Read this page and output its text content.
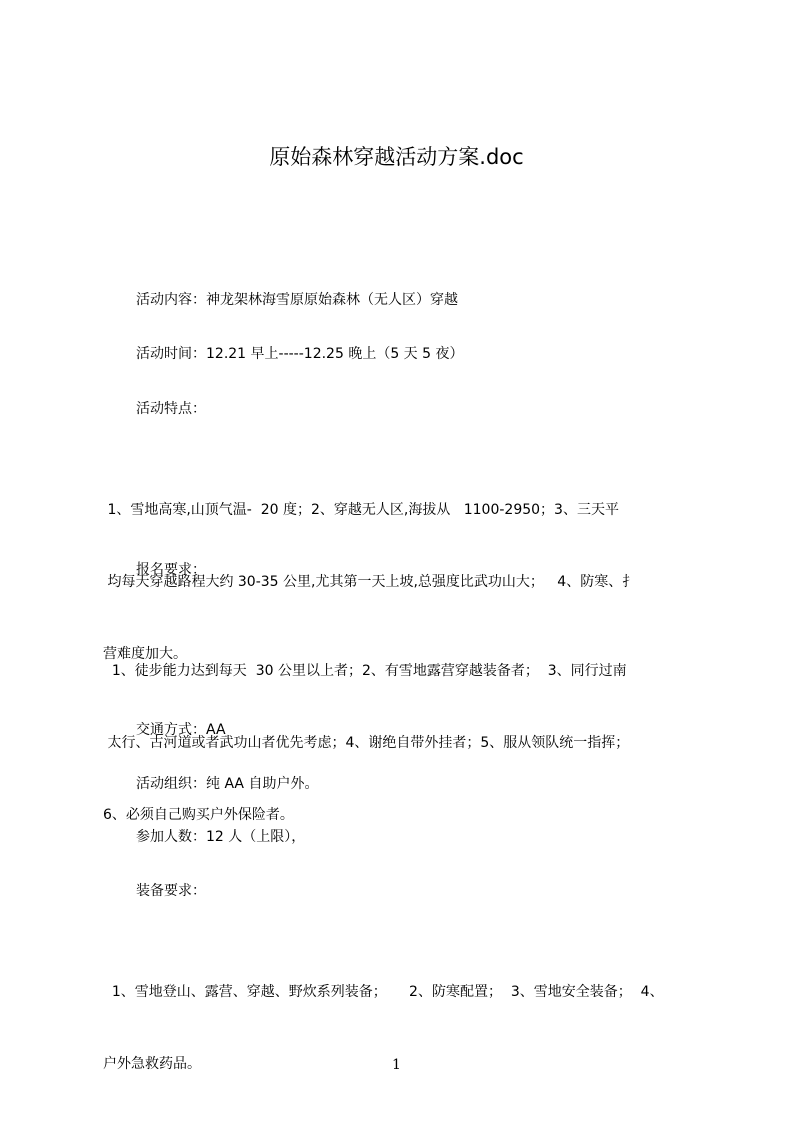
原始森林穿越活动方案.doc

活动内容：神龙架林海雪原原始森林（无人区）穿越

活动时间：12.21 早上-----12.25 晚上（5 天 5 夜）

活动特点：

1、雪地高寒,山顶气温-  20 度；2、穿越无人区,海拔从   1100-2950；3、三天平

均每天穿越路程大约 30-35 公里,尤其第一天上坡,总强度比武功山大；   4、防寒、扌

营难度加大。

报名要求：

1、徒步能力达到每天  30 公里以上者；2、有雪地露营穿越装备者；  3、同行过南

太行、古河道或者武功山者优先考虑；4、谢绝自带外挂者；5、服从领队统一指挥；

6、必须自己购买户外保险者。

交通方式：AA

活动组织：纯 AA 自助户外。

参加人数：12 人（上限），

装备要求：

1、雪地登山、露营、穿越、野炊系列装备；     2、防寒配置；  3、雪地安全装备；  4、

户外急救药品。

	1
